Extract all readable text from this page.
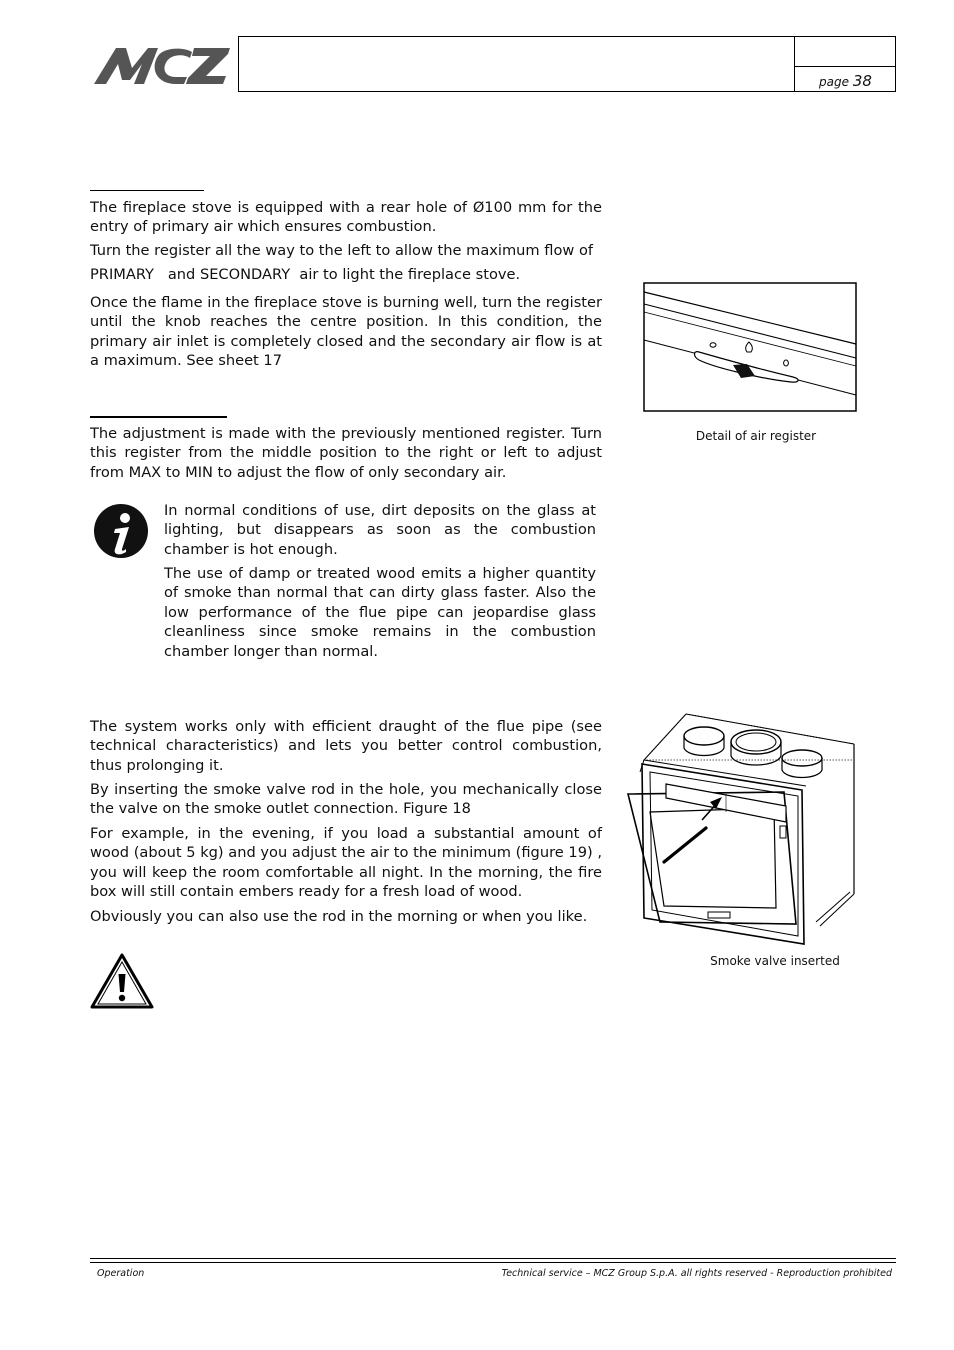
page 38

The fireplace stove is equipped with a rear hole of Ø100 mm for the entry of primary air which ensures combustion.

Turn the register all the way to the left to allow the maximum flow of

PRIMARY   and SECONDARY  air to light the fireplace stove.

Once the flame in the fireplace stove is burning well, turn the register until the knob reaches the centre position. In this condition, the primary air inlet is completely closed and the secondary air flow is at a maximum. See sheet 17

The adjustment is made with the previously mentioned register. Turn this register from the middle position to the right or left to adjust from MAX to MIN to adjust the flow of only secondary air.

In normal conditions of use, dirt deposits on the glass at lighting, but disappears as soon as the combustion chamber is hot enough.

The use of damp or treated wood emits a higher quantity of smoke than normal that can dirty glass faster. Also the low performance of the flue pipe can jeopardise glass cleanliness since smoke remains in the combustion chamber longer than normal.

The system works only with efficient draught of the flue pipe (see technical characteristics) and lets you better control combustion, thus prolonging it.

By inserting the smoke valve rod in the hole, you mechanically close the valve on the smoke outlet connection. Figure 18

For example, in the evening, if you load a substantial amount of wood (about 5 kg) and you adjust the air to the minimum (figure 19) , you will keep the room comfortable all night. In the morning, the fire box will still contain embers ready for a fresh load of wood.

Obviously you can also use the rod in the morning or when you like.

Detail of air register
Smoke valve inserted
Operation	Technical service – MCZ Group S.p.A. all rights reserved - Reproduction prohibited
